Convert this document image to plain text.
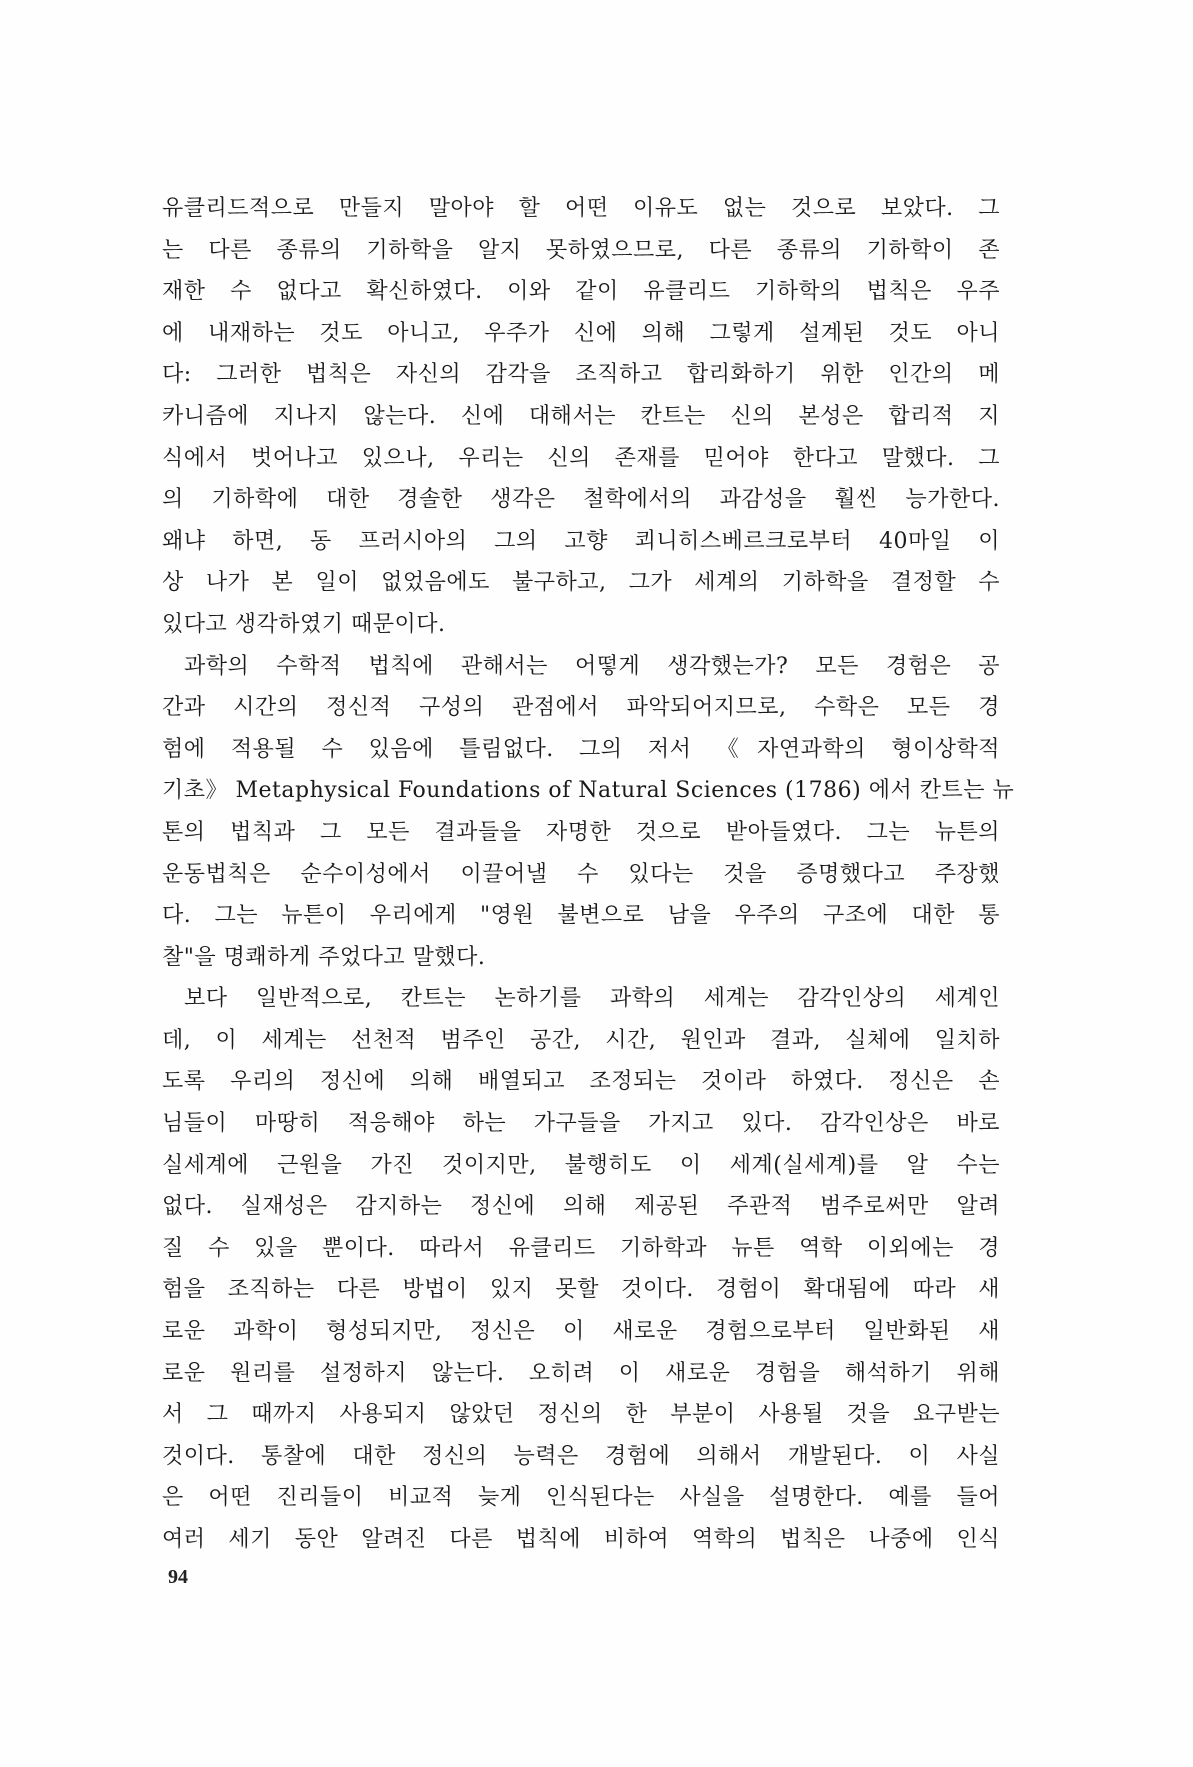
유클리드적으로 만들지 말아야 할 어떤 이유도 없는 것으로 보았다. 그
는 다른 종류의 기하학을 알지 못하였으므로, 다른 종류의 기하학이 존
재한 수 없다고 확신하였다. 이와 같이 유클리드 기하학의 법칙은 우주
에 내재하는 것도 아니고, 우주가 신에 의해 그렇게 설계된 것도 아니
다: 그러한 법칙은 자신의 감각을 조직하고 합리화하기 위한 인간의 메
카니즘에 지나지 않는다. 신에 대해서는 칸트는 신의 본성은 합리적 지
식에서 벗어나고 있으나, 우리는 신의 존재를 믿어야 한다고 말했다. 그
의 기하학에 대한 경솔한 생각은 철학에서의 과감성을 훨씬 능가한다.
왜냐 하면, 동 프러시아의 그의 고향 쾨니히스베르크로부터 40마일 이
상 나가 본 일이 없었음에도 불구하고, 그가 세계의 기하학을 결정할 수
있다고 생각하였기 때문이다.
과학의 수학적 법칙에 관해서는 어떻게 생각했는가? 모든 경험은 공
간과 시간의 정신적 구성의 관점에서 파악되어지므로, 수학은 모든 경
험에 적용될 수 있음에 틀림없다. 그의 저서 《자연과학의 형이상학적
기초》 Metaphysical Foundations of Natural Sciences (1786) 에서 칸트는 뉴
톤의 법칙과 그 모든 결과들을 자명한 것으로 받아들였다. 그는 뉴튼의
운동법칙은 순수이성에서 이끌어낼 수 있다는 것을 증명했다고 주장했
다. 그는 뉴튼이 우리에게 "영원 불변으로 남을 우주의 구조에 대한 통
찰"을 명쾌하게 주었다고 말했다.
보다 일반적으로, 칸트는 논하기를 과학의 세계는 감각인상의 세계인
데, 이 세계는 선천적 범주인 공간, 시간, 원인과 결과, 실체에 일치하
도록 우리의 정신에 의해 배열되고 조정되는 것이라 하였다. 정신은 손
님들이 마땅히 적응해야 하는 가구들을 가지고 있다. 감각인상은 바로
실세계에 근원을 가진 것이지만, 불행히도 이 세계(실세계)를 알 수는
없다. 실재성은 감지하는 정신에 의해 제공된 주관적 범주로써만 알려
질 수 있을 뿐이다. 따라서 유클리드 기하학과 뉴튼 역학 이외에는 경
험을 조직하는 다른 방법이 있지 못할 것이다. 경험이 확대됨에 따라 새
로운 과학이 형성되지만, 정신은 이 새로운 경험으로부터 일반화된 새
로운 원리를 설정하지 않는다. 오히려 이 새로운 경험을 해석하기 위해
서 그 때까지 사용되지 않았던 정신의 한 부분이 사용될 것을 요구받는
것이다. 통찰에 대한 정신의 능력은 경험에 의해서 개발된다. 이 사실
은 어떤 진리들이 비교적 늦게 인식된다는 사실을 설명한다. 예를 들어
여러 세기 동안 알려진 다른 법칙에 비하여 역학의 법칙은 나중에 인식
94
